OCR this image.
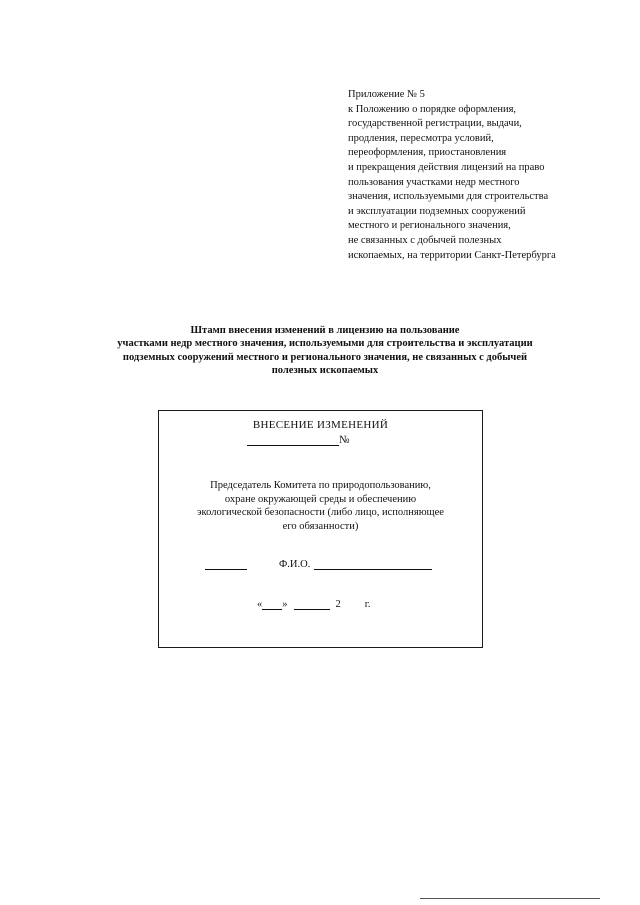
Приложение № 5
к Положению о порядке оформления,
государственной регистрации, выдачи,
продления, пересмотра условий,
переоформления, приостановления
и прекращения действия лицензий на право
пользования участками недр местного
значения, используемыми для строительства
и эксплуатации подземных сооружений
местного и регионального значения,
не связанных с добычей полезных
ископаемых, на территории Санкт-Петербурга
Штамп внесения изменений в лицензию на пользование
участками недр местного значения, используемыми для строительства и эксплуатации
подземных сооружений местного и регионального значения, не связанных с добычей
полезных ископаемых
ВНЕСЕНИЕ ИЗМЕНЕНИЙ
№
Председатель Комитета по природопользованию,
охране окружающей среды и обеспечению
экологической безопасности (либо лицо, исполняющее
его обязанности)
Ф.И.О.
« »	2 г.
